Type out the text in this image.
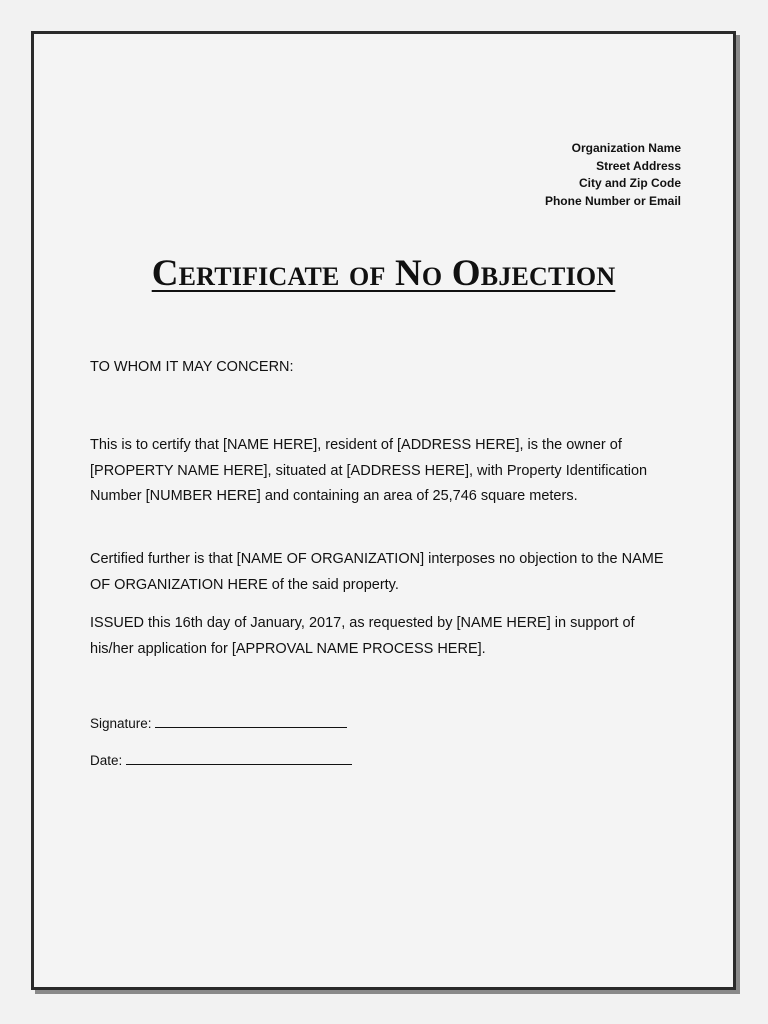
Organization Name
Street Address
City and Zip Code
Phone Number or Email
Certificate of No Objection
TO WHOM IT MAY CONCERN:

This is to certify that [NAME HERE], resident of [ADDRESS HERE], is the owner of [PROPERTY NAME HERE], situated at [ADDRESS HERE], with Property Identification Number [NUMBER HERE] and containing an area of 25,746 square meters.

Certified further is that [NAME OF ORGANIZATION] interposes no objection to the NAME OF ORGANIZATION HERE of the said property.

ISSUED this 16th day of January, 2017, as requested by [NAME HERE] in support of his/her application for [APPROVAL NAME PROCESS HERE].

Signature:
Date:
